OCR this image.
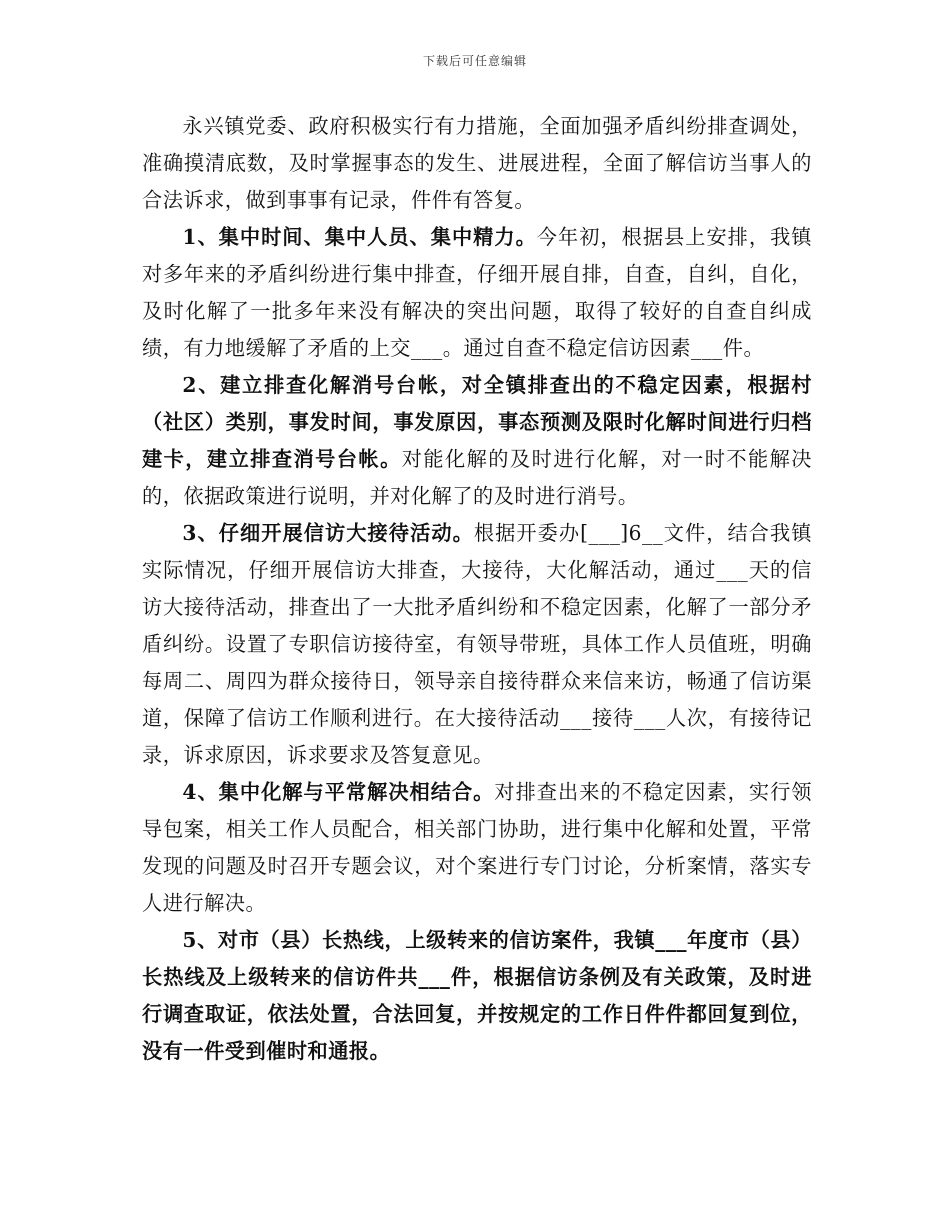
下载后可任意编辑

永兴镇党委、政府积极实行有力措施，全面加强矛盾纠纷排查调处，准确摸清底数，及时掌握事态的发生、进展进程，全面了解信访当事人的合法诉求，做到事事有记录，件件有答复。

1、集中时间、集中人员、集中精力。今年初，根据县上安排，我镇对多年来的矛盾纠纷进行集中排查，仔细开展自排，自查，自纠，自化，及时化解了一批多年来没有解决的突出问题，取得了较好的自查自纠成绩，有力地缓解了矛盾的上交___。通过自查不稳定信访因素___件。

2、建立排查化解消号台帐，对全镇排查出的不稳定因素，根据村（社区）类别，事发时间，事发原因，事态预测及限时化解时间进行归档建卡，建立排查消号台帐。对能化解的及时进行化解，对一时不能解决的，依据政策进行说明，并对化解了的及时进行消号。

3、仔细开展信访大接待活动。根据开委办[___]6__文件，结合我镇实际情况，仔细开展信访大排查，大接待，大化解活动，通过___天的信访大接待活动，排查出了一大批矛盾纠纷和不稳定因素，化解了一部分矛盾纠纷。设置了专职信访接待室，有领导带班，具体工作人员值班，明确每周二、周四为群众接待日，领导亲自接待群众来信来访，畅通了信访渠道，保障了信访工作顺利进行。在大接待活动___接待___人次，有接待记录，诉求原因，诉求要求及答复意见。

4、集中化解与平常解决相结合。对排查出来的不稳定因素，实行领导包案，相关工作人员配合，相关部门协助，进行集中化解和处置，平常发现的问题及时召开专题会议，对个案进行专门讨论，分析案情，落实专人进行解决。

5、对市（县）长热线，上级转来的信访案件，我镇___年度市（县）长热线及上级转来的信访件共___件，根据信访条例及有关政策，及时进行调查取证，依法处置，合法回复，并按规定的工作日件件都回复到位，没有一件受到催时和通报。
